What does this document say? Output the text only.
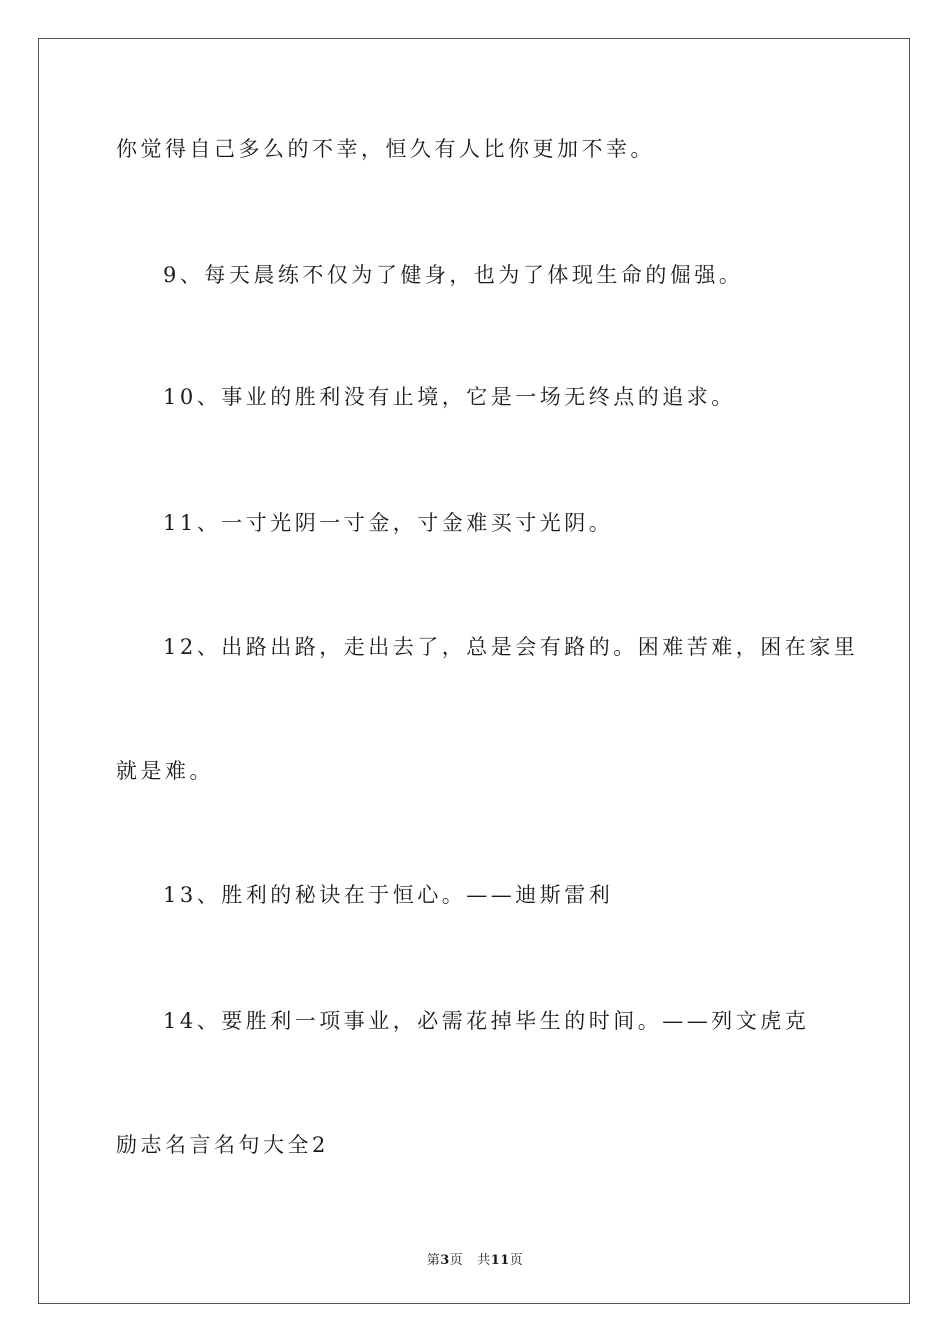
你觉得自己多么的不幸，恒久有人比你更加不幸。
9、每天晨练不仅为了健身，也为了体现生命的倔强。
10、事业的胜利没有止境，它是一场无终点的追求。
11、一寸光阴一寸金，寸金难买寸光阴。
12、出路出路，走出去了，总是会有路的。困难苦难，困在家里
就是难。
13、胜利的秘诀在于恒心。——迪斯雷利
14、要胜利一项事业，必需花掉毕生的时间。——列文虎克
励志名言名句大全2
第3页 共11页
